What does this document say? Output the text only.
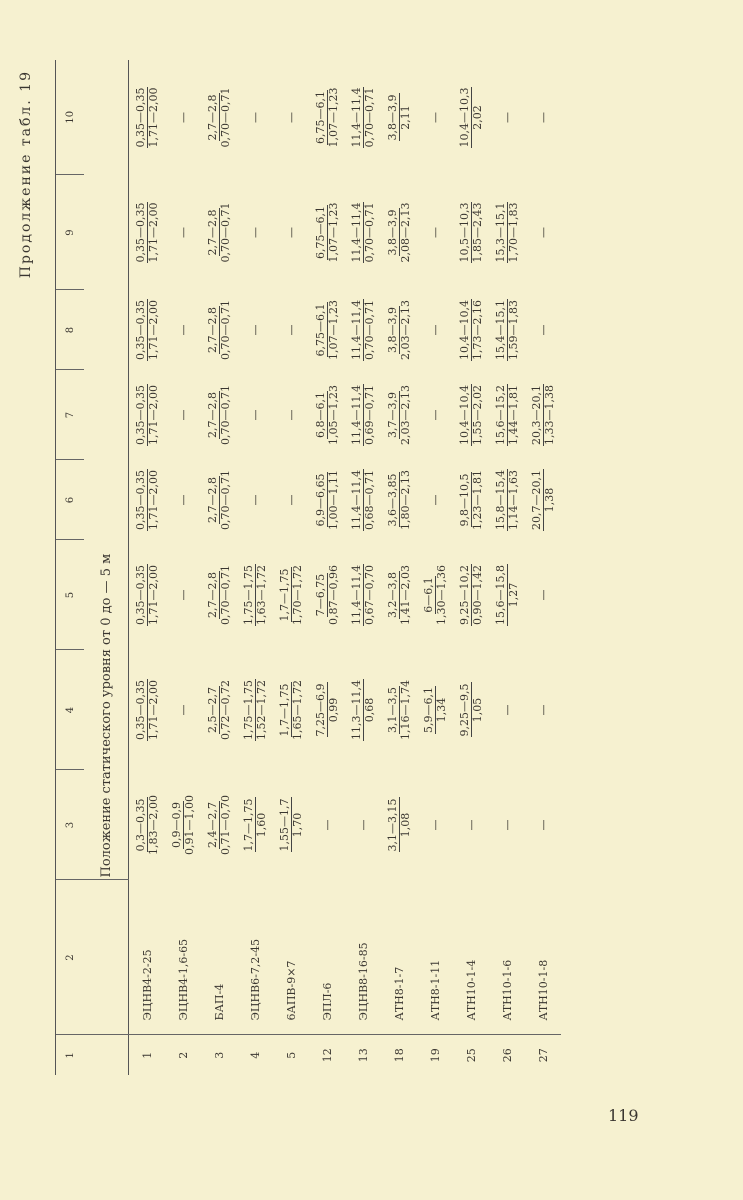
Продолжение табл. 19
1	2	3	4	5	6	7	8	9	10
		Положение статического уровня от 0 до — 5 м							
1	ЭЦНВ4-2-25	0,3—0,35 1,83—2,00	0,35—0,35 1,71—2,00	0,35—0,35 1,71—2,00	0,35—0,35 1,71—2,00	0,35—0,35 1,71—2,00	0,35—0,35 1,71—2,00	0,35—0,35 1,71—2,00	0,35—0,35 1,71—2,00

2	ЭЦНВ4-1,6-65	0,9—0,9 0,91—1,00	—	—	—	—	—	—	—
3	БАП-4	2,4—2,7 0,71—0,70	2,5—2,7 0,72—0,72	2,7—2,8 0,70—0,71	2,7—2,8 0,70—0,71	2,7—2,8 0,70—0,71	2,7—2,8 0,70—0,71	2,7—2,8 0,70—0,71	2,7—2,8 0,70—0,71

4	ЭЦНВ6-7,2-45	1,7—1,75 1,60	1,75—1,75 1,52—1,72	1,75—1,75 1,63—1,72	—	—	—	—	—
5	6АПВ-9×7	1,55—1,7 1,70	1,7—1,75 1,65—1,72	1,7—1,75 1,70—1,72	—	—	—	—	—
12	ЭПЛ-6	—	7,25—6,9 0,99	7—6,75 0,87—0,96	6,9—6,65 1,00—1,11	6,8—6,1 1,05—1,23	6,75—6,1 1,07—1,23	6,75—6,1 1,07—1,23	6,75—6,1 1,07—1,23

13	ЭЦНВ8-16-85	—	11,3—11,4 0,68	11,4—11,4 0,67—0,70	11,4—11,4 0,68—0,71	11,4—11,4 0,69—0,71	11,4—11,4 0,70—0,71	11,4—11,4 0,70—0,71	11,4—11,4 0,70—0,71

18	АТН8-1-7	3,1—3,15 1,08	3,1—3,5 1,16—1,74	3,2—3,8 1,41—2,03	3,6—3,85 1,80—2,13	3,7—3,9 2,03—2,13	3,8—3,9 2,03—2,13	3,8—3,9 2,08—2,13	3,8—3,9 2,11

19	АТН8-1-11	—	5,9—6,1 1,34	6—6,1 1,30—1,36	—	—	—	—	—
25	АТН10-1-4	—	9,25—9,5 1,05	9,25—10,2 0,90—1,42	9,8—10,5 1,23—1,81	10,4—10,4 1,55—2,02	10,4—10,4 1,73—2,16	10,5—10,3 1,85—2,43	10,4—10,3 2,02

26	АТН10-1-6	—	—	15,6—15,8 1,27	15,8—15,4 1,14—1,63	15,6—15,2 1,44—1,81	15,4—15,1 1,59—1,83	15,3—15,1 1,70—1,83	—
27	АТН10-1-8	—	—	—	20,7—20,1 1,38	20,3—20,1 1,33—1,38	—	—	—
119
